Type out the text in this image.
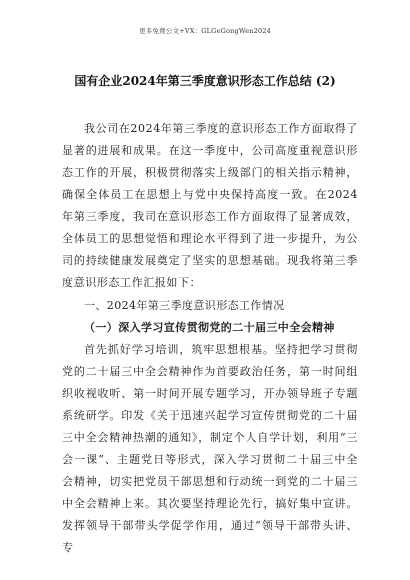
更多免费公文+VX：GLGeGongWen2024
国有企业2024年第三季度意识形态工作总结 (2)

我公司在2024年第三季度的意识形态工作方面取得了显著的进展和成果。在这一季度中，公司高度重视意识形态工作的开展，积极贯彻落实上级部门的相关指示精神，确保全体员工在思想上与党中央保持高度一致。在2024年第三季度，我司在意识形态工作方面取得了显著成效，全体员工的思想觉悟和理论水平得到了进一步提升，为公司的持续健康发展奠定了坚实的思想基础。现我将第三季度意识形态工作汇报如下：

一、2024年第三季度意识形态工作情况

（一）深入学习宣传贯彻党的二十届三中全会精神

首先抓好学习培训，筑牢思想根基。坚持把学习贯彻党的二十届三中全会精神作为首要政治任务，第一时间组织收视收听、第一时间开展专题学习，开办领导班子专题系统研学。印发《关于迅速兴起学习宣传贯彻党的二十届三中全会精神热潮的通知》，制定个人自学计划，利用“三会一课”、主题党日等形式，深入学习贯彻二十届三中全会精神，切实把党员干部思想和行动统一到党的二十届三中全会精神上来。其次要坚持理论先行，搞好集中宣讲。发挥领导干部带头学促学作用，通过“领导干部带头讲、专
